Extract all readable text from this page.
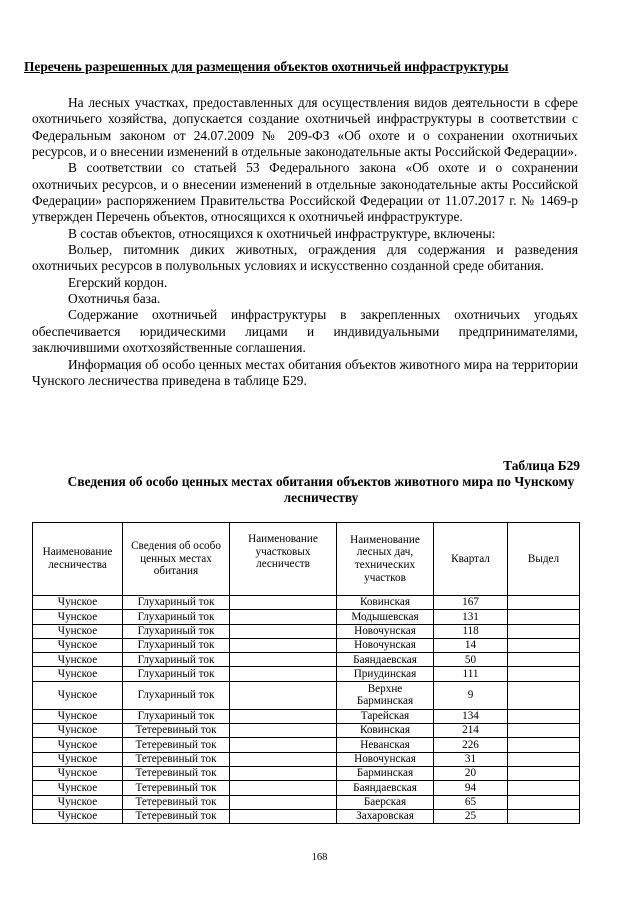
Перечень разрешенных для размещения объектов охотничьей инфраструктуры

На лесных участках, предоставленных для осуществления видов деятельности в сфере охотничьего хозяйства, допускается создание охотничьей инфраструктуры в соответствии с Федеральным законом от 24.07.2009 № 209-ФЗ «Об охоте и о сохранении охотничьих ресурсов, и о внесении изменений в отдельные законодательные акты Российской Федерации».

В соответствии со статьей 53 Федерального закона «Об охоте и о сохранении охотничьих ресурсов, и о внесении изменений в отдельные законодательные акты Российской Федерации» распоряжением Правительства Российской Федерации от 11.07.2017 г. № 1469-р утвержден Перечень объектов, относящихся к охотничьей инфраструктуре.

В состав объектов, относящихся к охотничьей инфраструктуре, включены:

Вольер, питомник диких животных, ограждения для содержания и разведения охотничьих ресурсов в полувольных условиях и искусственно созданной среде обитания.

Егерский кордон.

Охотничья база.

Содержание охотничьей инфраструктуры в закрепленных охотничьих угодьях обеспечивается юридическими лицами и индивидуальными предпринимателями, заключившими охотхозяйственные соглашения.

Информация об особо ценных местах обитания объектов животного мира на территории Чунского лесничества приведена в таблице Б29.

Таблица Б29
Сведения об особо ценных местах обитания объектов животного мира по Чунскому лесничеству
Наименование лесничества	Сведения об особо ценных местах обитания	Наименование участковых лесничеств	Наименование лесных дач, технических участков	Квартал	Выдел
Чунское	Глухариный ток		Ковинская	167	
Чунское	Глухариный ток		Модышевская	131	
Чунское	Глухариный ток		Новочунская	118	
Чунское	Глухариный ток		Новочунская	14	
Чунское	Глухариный ток		Баяндаевская	50	
Чунское	Глухариный ток		Приудинская	111	
Чунское	Глухариный ток		Верхне Барминская	9	
Чунское	Глухариный ток		Тарейская	134	
Чунское	Тетеревиный ток		Ковинская	214	
Чунское	Тетеревиный ток		Неванская	226	
Чунское	Тетеревиный ток		Новочунская	31	
Чунское	Тетеревиный ток		Барминская	20	
Чунское	Тетеревиный ток		Баяндаевская	94	
Чунское	Тетеревиный ток		Баерская	65	
Чунское	Тетеревиный ток		Захаровская	25	
168
